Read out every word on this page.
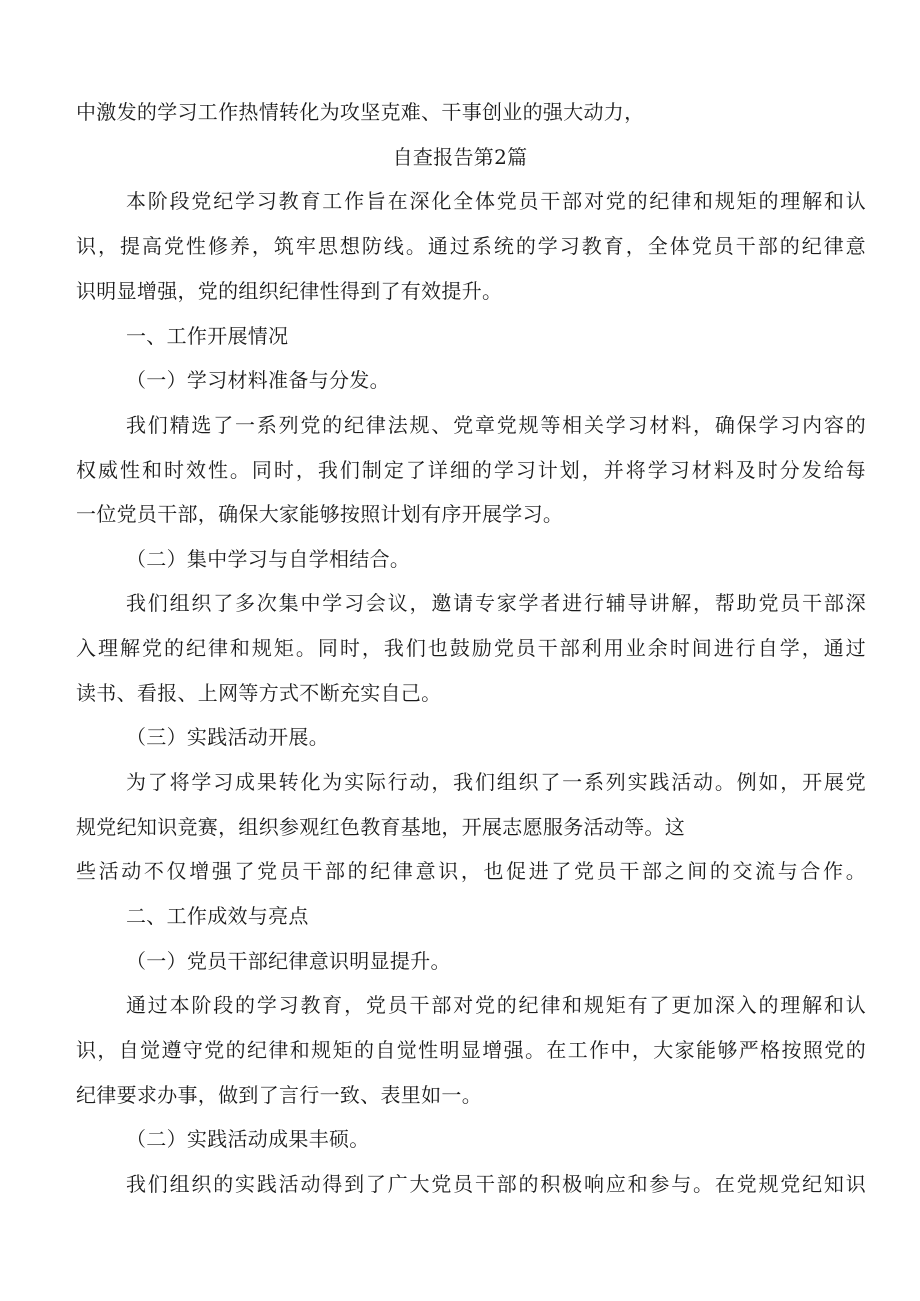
中激发的学习工作热情转化为攻坚克难、干事创业的强大动力，
自查报告第2篇
本阶段党纪学习教育工作旨在深化全体党员干部对党的纪律和规矩的理解和认
识，提高党性修养，筑牢思想防线。通过系统的学习教育，全体党员干部的纪律意
识明显增强，党的组织纪律性得到了有效提升。
一、工作开展情况
（一）学习材料准备与分发。
我们精选了一系列党的纪律法规、党章党规等相关学习材料，确保学习内容的
权威性和时效性。同时，我们制定了详细的学习计划，并将学习材料及时分发给每
一位党员干部，确保大家能够按照计划有序开展学习。
（二）集中学习与自学相结合。
我们组织了多次集中学习会议，邀请专家学者进行辅导讲解，帮助党员干部深
入理解党的纪律和规矩。同时，我们也鼓励党员干部利用业余时间进行自学，通过
读书、看报、上网等方式不断充实自己。
（三）实践活动开展。
为了将学习成果转化为实际行动，我们组织了一系列实践活动。例如，开展党
规党纪知识竞赛，组织参观红色教育基地，开展志愿服务活动等。这
些活动不仅增强了党员干部的纪律意识，也促进了党员干部之间的交流与合作。
二、工作成效与亮点
（一）党员干部纪律意识明显提升。
通过本阶段的学习教育，党员干部对党的纪律和规矩有了更加深入的理解和认
识，自觉遵守党的纪律和规矩的自觉性明显增强。在工作中，大家能够严格按照党的
纪律要求办事，做到了言行一致、表里如一。
（二）实践活动成果丰硕。
我们组织的实践活动得到了广大党员干部的积极响应和参与。在党规党纪知识
